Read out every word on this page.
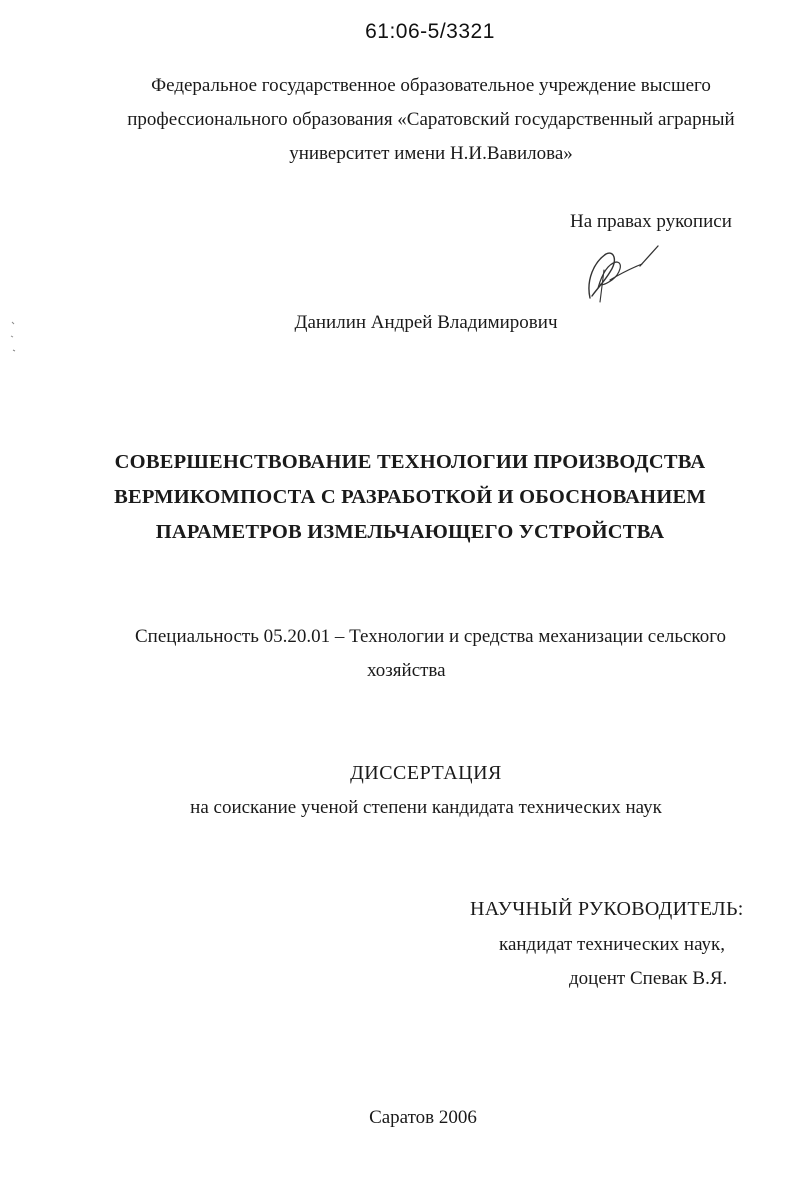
61:06-5/3321
Федеральное государственное образовательное учреждение высшего
профессионального образования «Саратовский государственный аграрный
университет имени Н.И.Вавилова»
На правах рукописи
Данилин Андрей Владимирович
СОВЕРШЕНСТВОВАНИЕ ТЕХНОЛОГИИ ПРОИЗВОДСТВА
ВЕРМИКОМПОСТА С РАЗРАБОТКОЙ И ОБОСНОВАНИЕМ
ПАРАМЕТРОВ ИЗМЕЛЬЧАЮЩЕГО УСТРОЙСТВА
Специальность 05.20.01 – Технологии и средства механизации сельского
хозяйства
ДИССЕРТАЦИЯ
на соискание ученой степени кандидата технических наук
НАУЧНЫЙ РУКОВОДИТЕЛЬ:
кандидат технических наук,
доцент Спевак В.Я.
Саратов 2006
